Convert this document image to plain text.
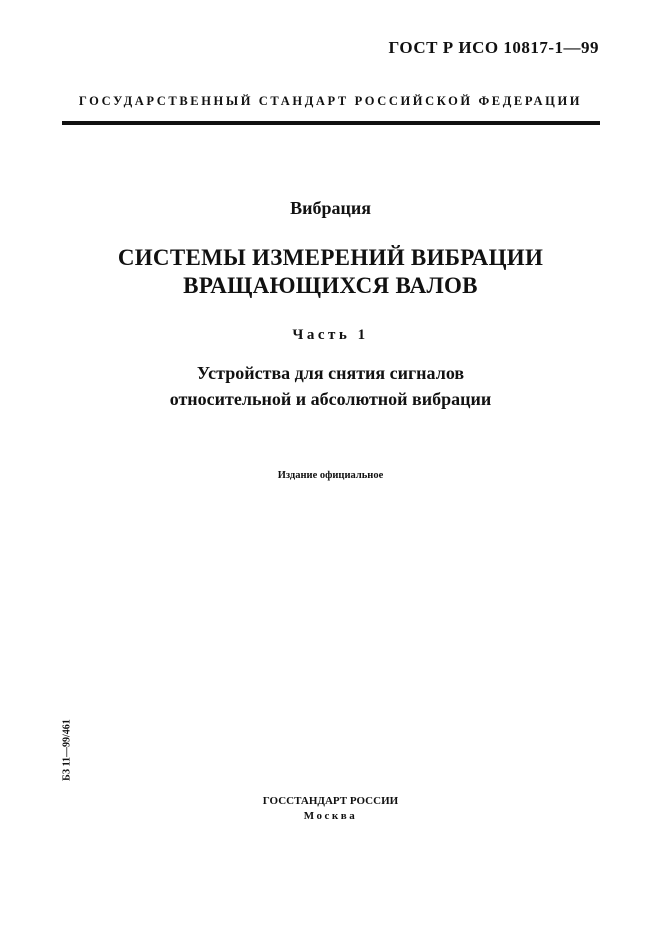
ГОСТ Р ИСО 10817-1—99
ГОСУДАРСТВЕННЫЙ СТАНДАРТ РОССИЙСКОЙ ФЕДЕРАЦИИ
Вибрация
СИСТЕМЫ ИЗМЕРЕНИЙ ВИБРАЦИИ
ВРАЩАЮЩИХСЯ ВАЛОВ
Часть 1
Устройства для снятия сигналов
относительной и абсолютной вибрации
Издание официальное
БЗ 11—99/461
ГОССТАНДАРТ РОССИИ
Москва
